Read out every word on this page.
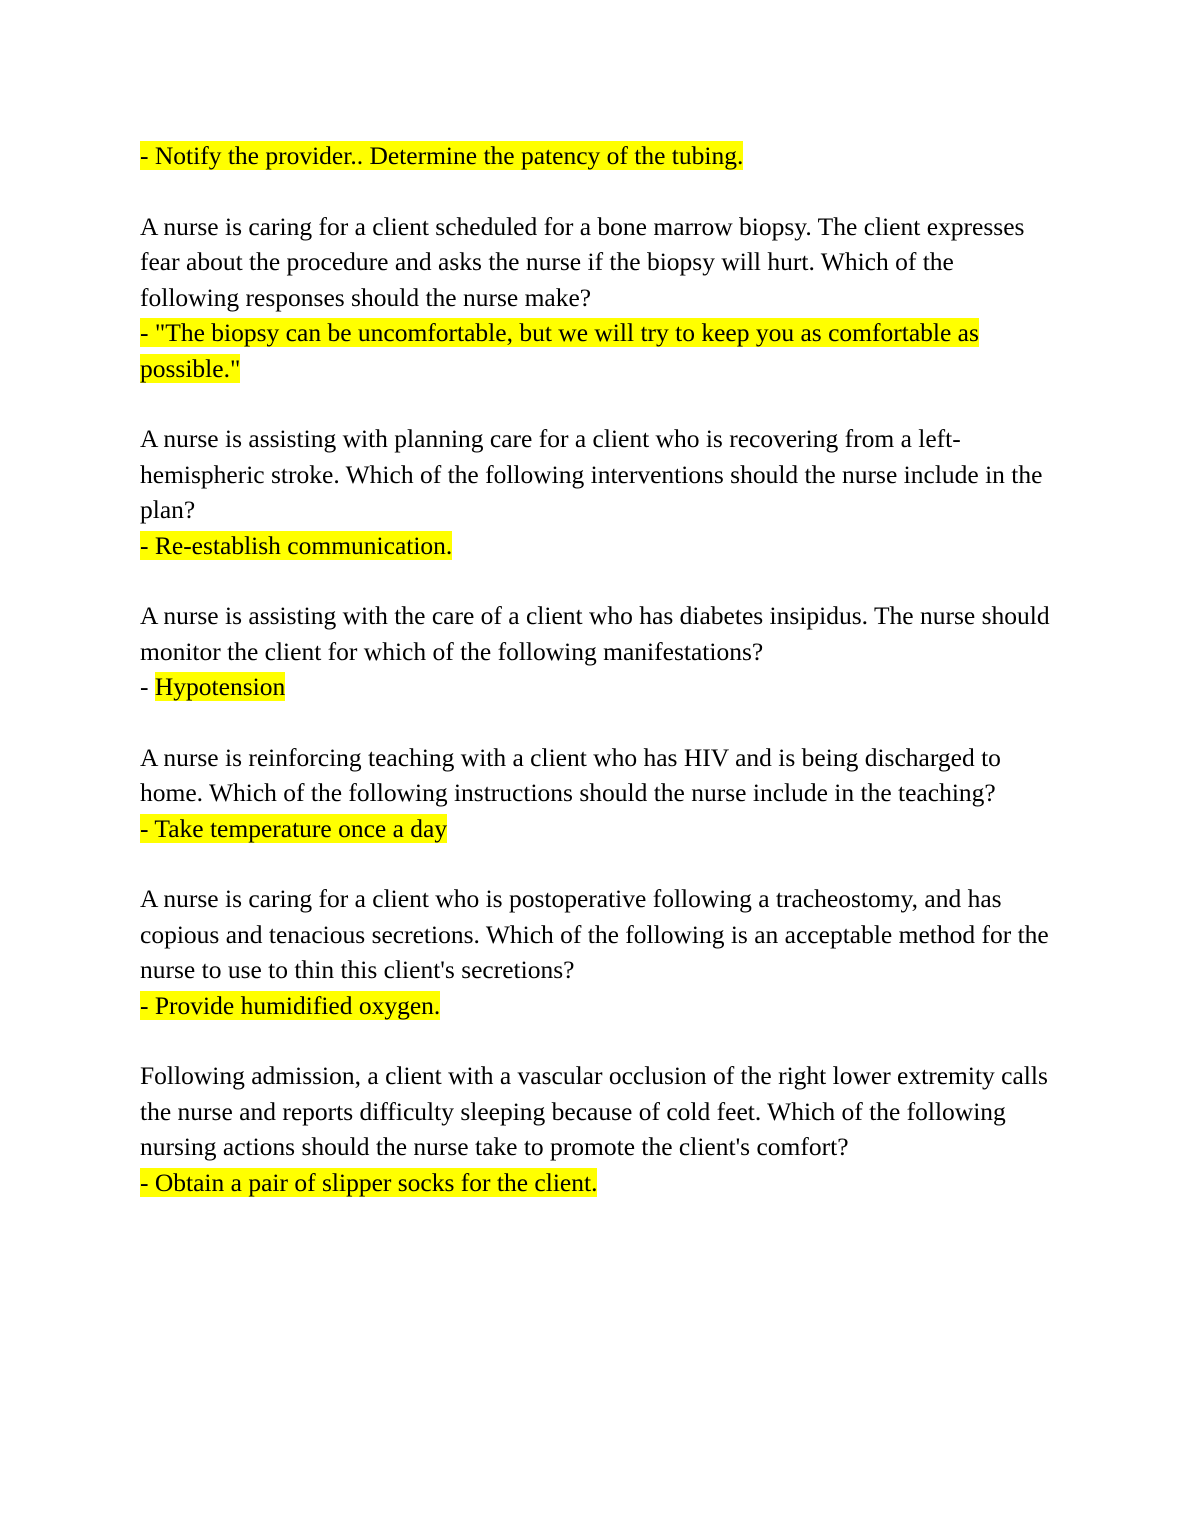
- Notify the provider.. Determine the patency of the tubing.

A nurse is caring for a client scheduled for a bone marrow biopsy. The client expresses fear about the procedure and asks the nurse if the biopsy will hurt. Which of the following responses should the nurse make?

- "The biopsy can be uncomfortable, but we will try to keep you as comfortable as possible."

A nurse is assisting with planning care for a client who is recovering from a left-hemispheric stroke. Which of the following interventions should the nurse include in the plan?

- Re-establish communication.

A nurse is assisting with the care of a client who has diabetes insipidus. The nurse should monitor the client for which of the following manifestations?

- Hypotension

A nurse is reinforcing teaching with a client who has HIV and is being discharged to home. Which of the following instructions should the nurse include in the teaching?

- Take temperature once a day

A nurse is caring for a client who is postoperative following a tracheostomy, and has copious and tenacious secretions. Which of the following is an acceptable method for the nurse to use to thin this client's secretions?

- Provide humidified oxygen.

Following admission, a client with a vascular occlusion of the right lower extremity calls the nurse and reports difficulty sleeping because of cold feet. Which of the following nursing actions should the nurse take to promote the client's comfort?

- Obtain a pair of slipper socks for the client.
